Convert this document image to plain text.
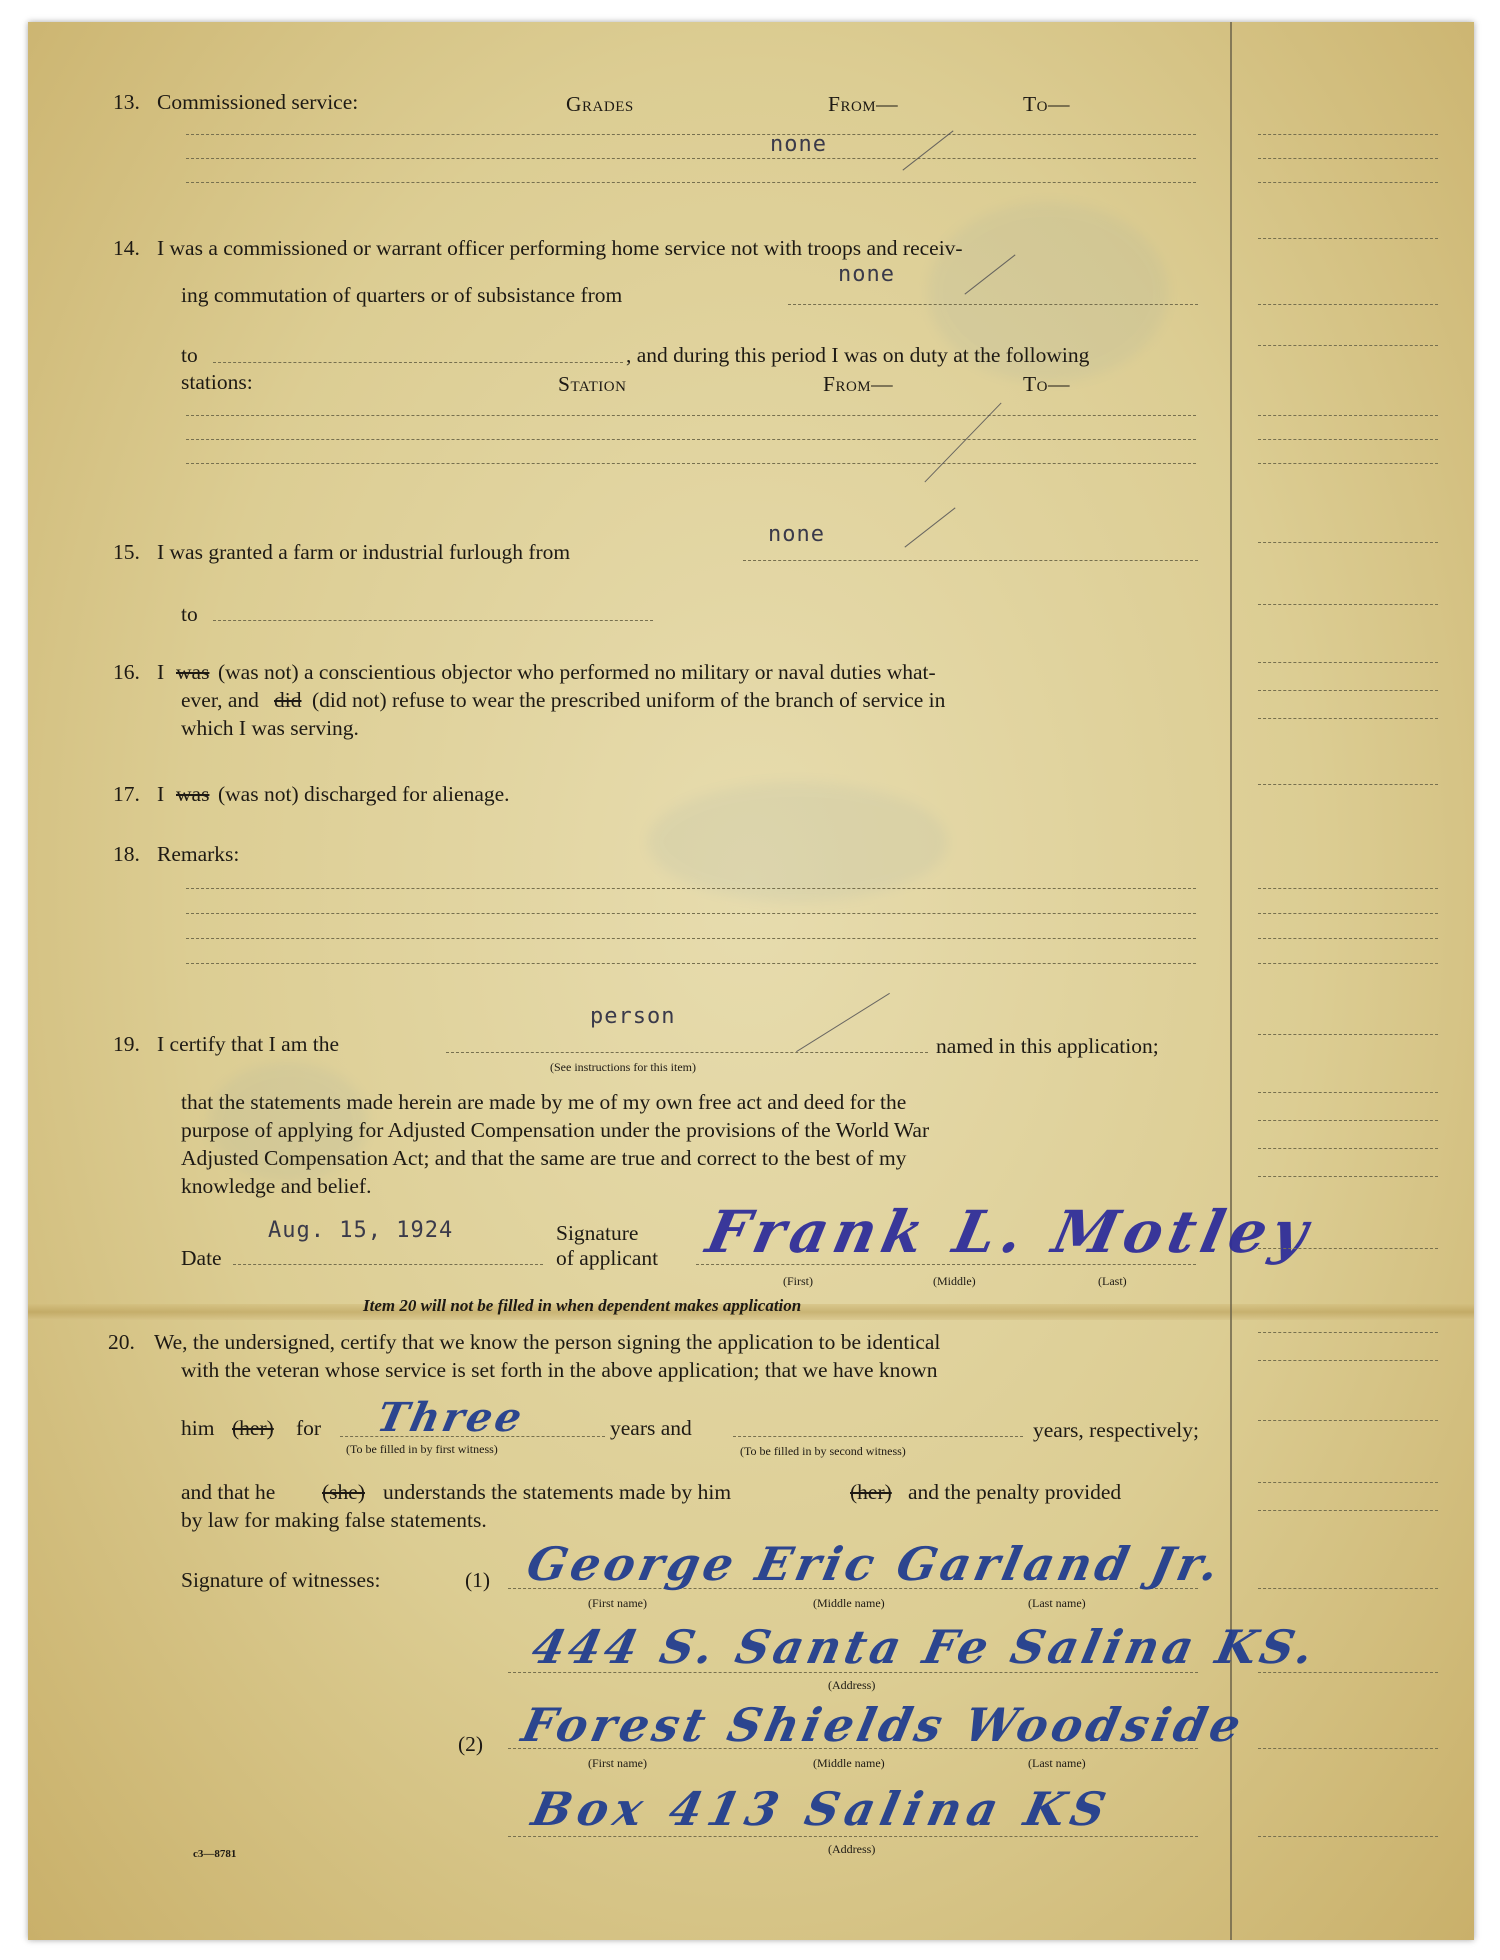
13. Commissioned service:	Grades	From—	To—
none
14. I was a commissioned or warrant officer performing home service not with troops and receiv-
ing commutation of quarters or of subsistance from
none
to	, and during this period I was on duty at the following
stations:	Station	From—	To—
none
15. I was granted a farm or industrial furlough from
to
16. I was (was not) a conscientious objector who performed no military or naval duties what-
ever, and did (did not) refuse to wear the prescribed uniform of the branch of service in
which I was serving.
17. I was (was not) discharged for alienage.
18. Remarks:
person
19. I certify that I am the	named in this application;
(See instructions for this item)
that the statements made herein are made by me of my own free act and deed for the
purpose of applying for Adjusted Compensation under the provisions of the World War
Adjusted Compensation Act; and that the same are true and correct to the best of my
knowledge and belief.
Aug. 15, 1924
Date
Signature
of applicant Frank L. Motley
(First)	(Middle)	(Last)
Item 20 will not be filled in when dependent makes application
20. We, the undersigned, certify that we know the person signing the application to be identical
with the veteran whose service is set forth in the above application; that we have known
him (her) for Three	years and	years, respectively;
(To be filled in by first witness)	(To be filled in by second witness)
and that he (she) understands the statements made by him	(her) and the penalty provided
by law for making false statements.
Signature of witnesses:	(1) George Eric Garland Jr.
(First name)	(Middle name)	(Last name)
444 S. Santa Fe Salina KS.
(Address)
(2) Forest Shields Woodside
(First name)	(Middle name)	(Last name)
Box 413 Salina KS
(Address)
c3—8781
